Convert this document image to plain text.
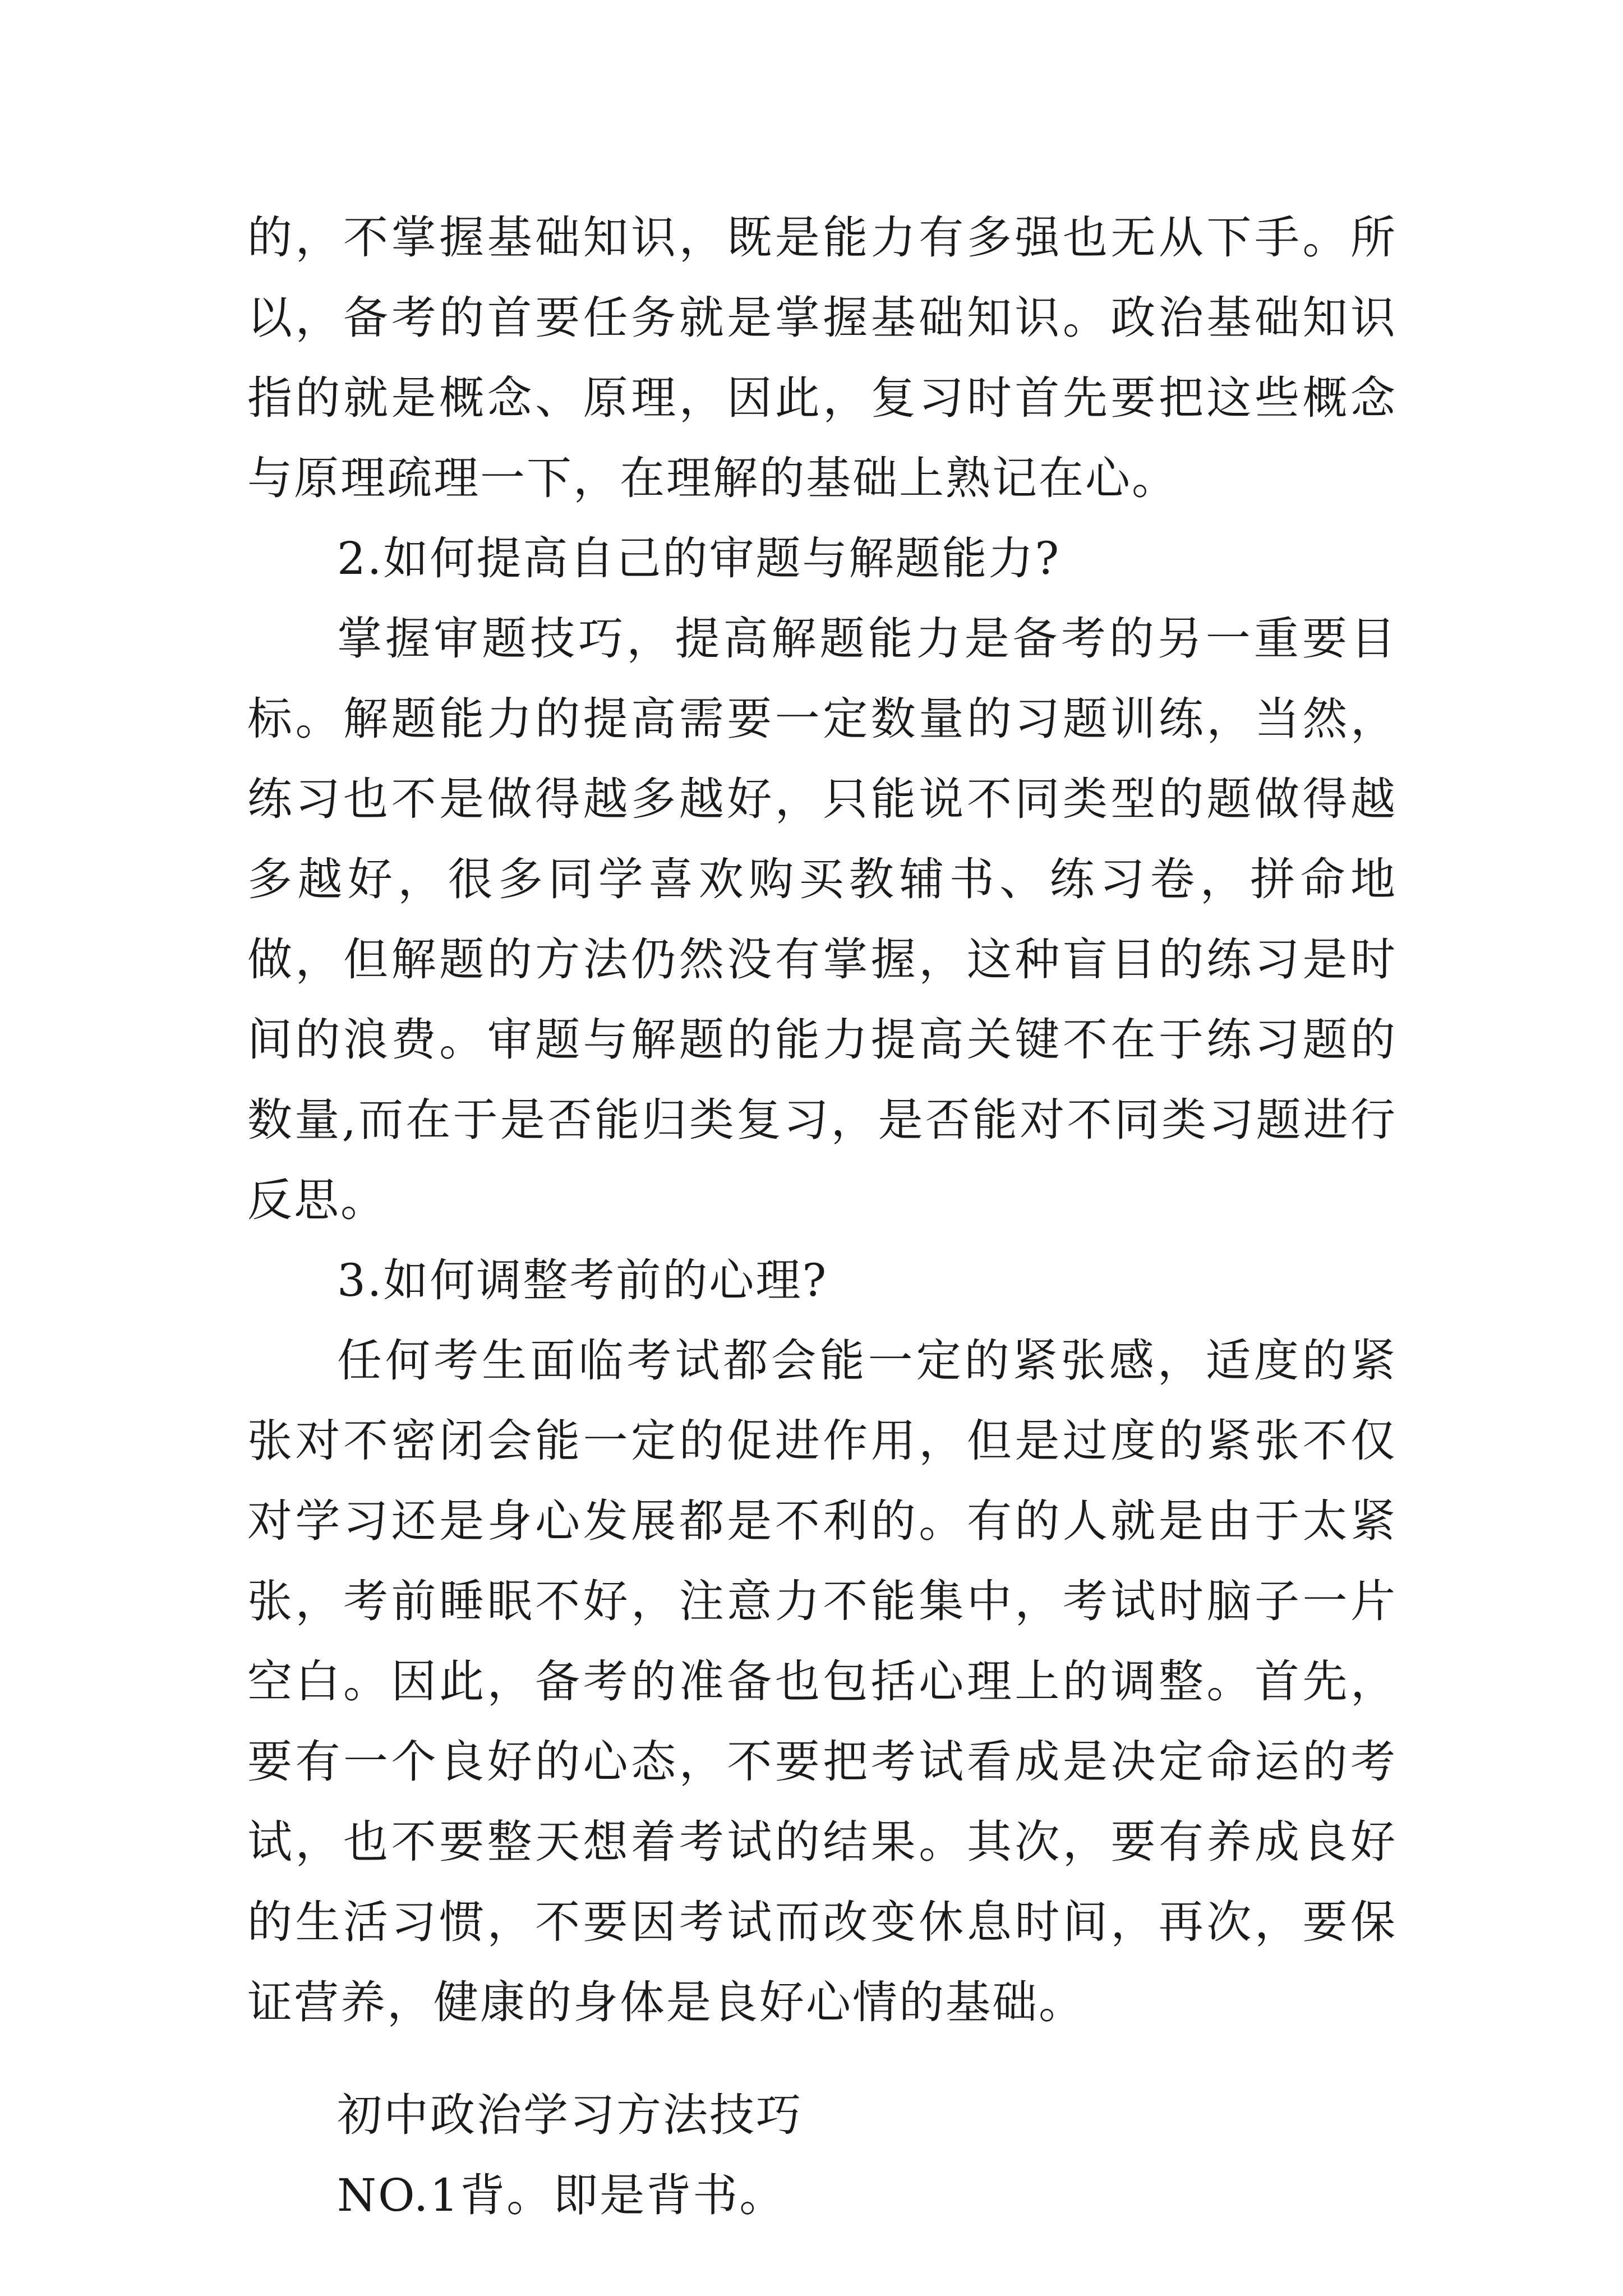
的，不掌握基础知识，既是能力有多强也无从下手。所以，备考的首要任务就是掌握基础知识。政治基础知识指的就是概念、原理，因此，复习时首先要把这些概念与原理疏理一下，在理解的基础上熟记在心。

2.如何提高自己的审题与解题能力?

掌握审题技巧，提高解题能力是备考的另一重要目标。解题能力的提高需要一定数量的习题训练，当然，练习也不是做得越多越好，只能说不同类型的题做得越多越好，很多同学喜欢购买教辅书、练习卷，拼命地做，但解题的方法仍然没有掌握，这种盲目的练习是时间的浪费。审题与解题的能力提高关键不在于练习题的数量,而在于是否能归类复习，是否能对不同类习题进行反思。

3.如何调整考前的心理?

任何考生面临考试都会能一定的紧张感，适度的紧张对不密闭会能一定的促进作用，但是过度的紧张不仅对学习还是身心发展都是不利的。有的人就是由于太紧张，考前睡眠不好，注意力不能集中，考试时脑子一片空白。因此，备考的准备也包括心理上的调整。首先，要有一个良好的心态，不要把考试看成是决定命运的考试，也不要整天想着考试的结果。其次，要有养成良好的生活习惯，不要因考试而改变休息时间，再次，要保证营养，健康的身体是良好心情的基础。

初中政治学习方法技巧

NO.1背。即是背书。
